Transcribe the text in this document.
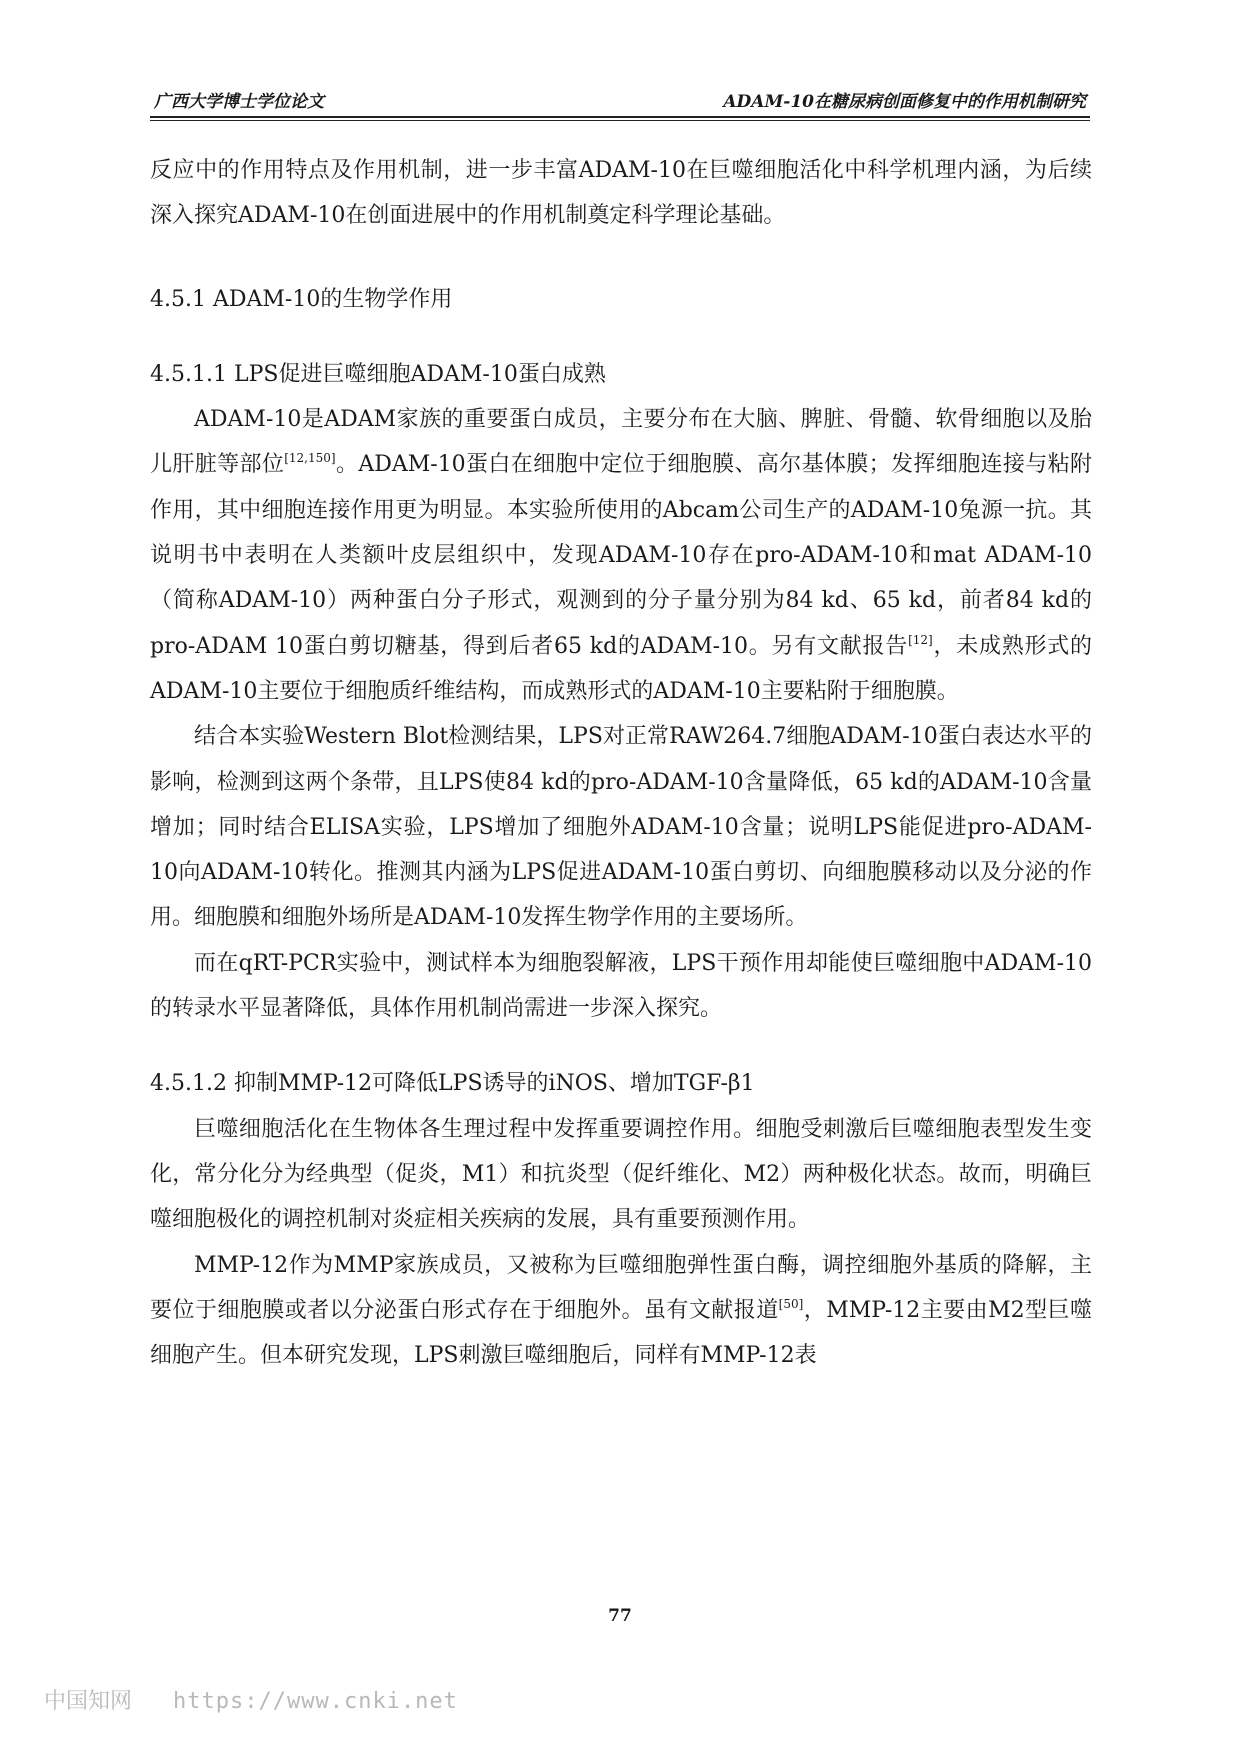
广西大学博士学位论文	ADAM-10在糖尿病创面修复中的作用机制研究

反应中的作用特点及作用机制，进一步丰富ADAM-10在巨噬细胞活化中科学机理内涵，为后续深入探究ADAM-10在创面进展中的作用机制奠定科学理论基础。

4.5.1 ADAM-10的生物学作用
4.5.1.1 LPS促进巨噬细胞ADAM-10蛋白成熟

ADAM-10是ADAM家族的重要蛋白成员，主要分布在大脑、脾脏、骨髓、软骨细胞以及胎儿肝脏等部位[12,150]。ADAM-10蛋白在细胞中定位于细胞膜、高尔基体膜；发挥细胞连接与粘附作用，其中细胞连接作用更为明显。本实验所使用的Abcam公司生产的ADAM-10兔源一抗。其说明书中表明在人类额叶皮层组织中，发现ADAM-10存在pro-ADAM-10和mat ADAM-10（简称ADAM-10）两种蛋白分子形式，观测到的分子量分别为84 kd、65 kd，前者84 kd的pro-ADAM 10蛋白剪切糖基，得到后者65 kd的ADAM-10。另有文献报告[12]，未成熟形式的ADAM-10主要位于细胞质纤维结构，而成熟形式的ADAM-10主要粘附于细胞膜。

结合本实验Western Blot检测结果，LPS对正常RAW264.7细胞ADAM-10蛋白表达水平的影响，检测到这两个条带，且LPS使84 kd的pro-ADAM-10含量降低，65 kd的ADAM-10含量增加；同时结合ELISA实验，LPS增加了细胞外ADAM-10含量；说明LPS能促进pro-ADAM-10向ADAM-10转化。推测其内涵为LPS促进ADAM-10蛋白剪切、向细胞膜移动以及分泌的作用。细胞膜和细胞外场所是ADAM-10发挥生物学作用的主要场所。

而在qRT-PCR实验中，测试样本为细胞裂解液，LPS干预作用却能使巨噬细胞中ADAM-10的转录水平显著降低，具体作用机制尚需进一步深入探究。

4.5.1.2 抑制MMP-12可降低LPS诱导的iNOS、增加TGF-β1

巨噬细胞活化在生物体各生理过程中发挥重要调控作用。细胞受刺激后巨噬细胞表型发生变化，常分化分为经典型（促炎，M1）和抗炎型（促纤维化、M2）两种极化状态。故而，明确巨噬细胞极化的调控机制对炎症相关疾病的发展，具有重要预测作用。

MMP-12作为MMP家族成员，又被称为巨噬细胞弹性蛋白酶，调控细胞外基质的降解，主要位于细胞膜或者以分泌蛋白形式存在于细胞外。虽有文献报道[50]，MMP-12主要由M2型巨噬细胞产生。但本研究发现，LPS刺激巨噬细胞后，同样有MMP-12表

77
中国知网 https://www.cnki.net
